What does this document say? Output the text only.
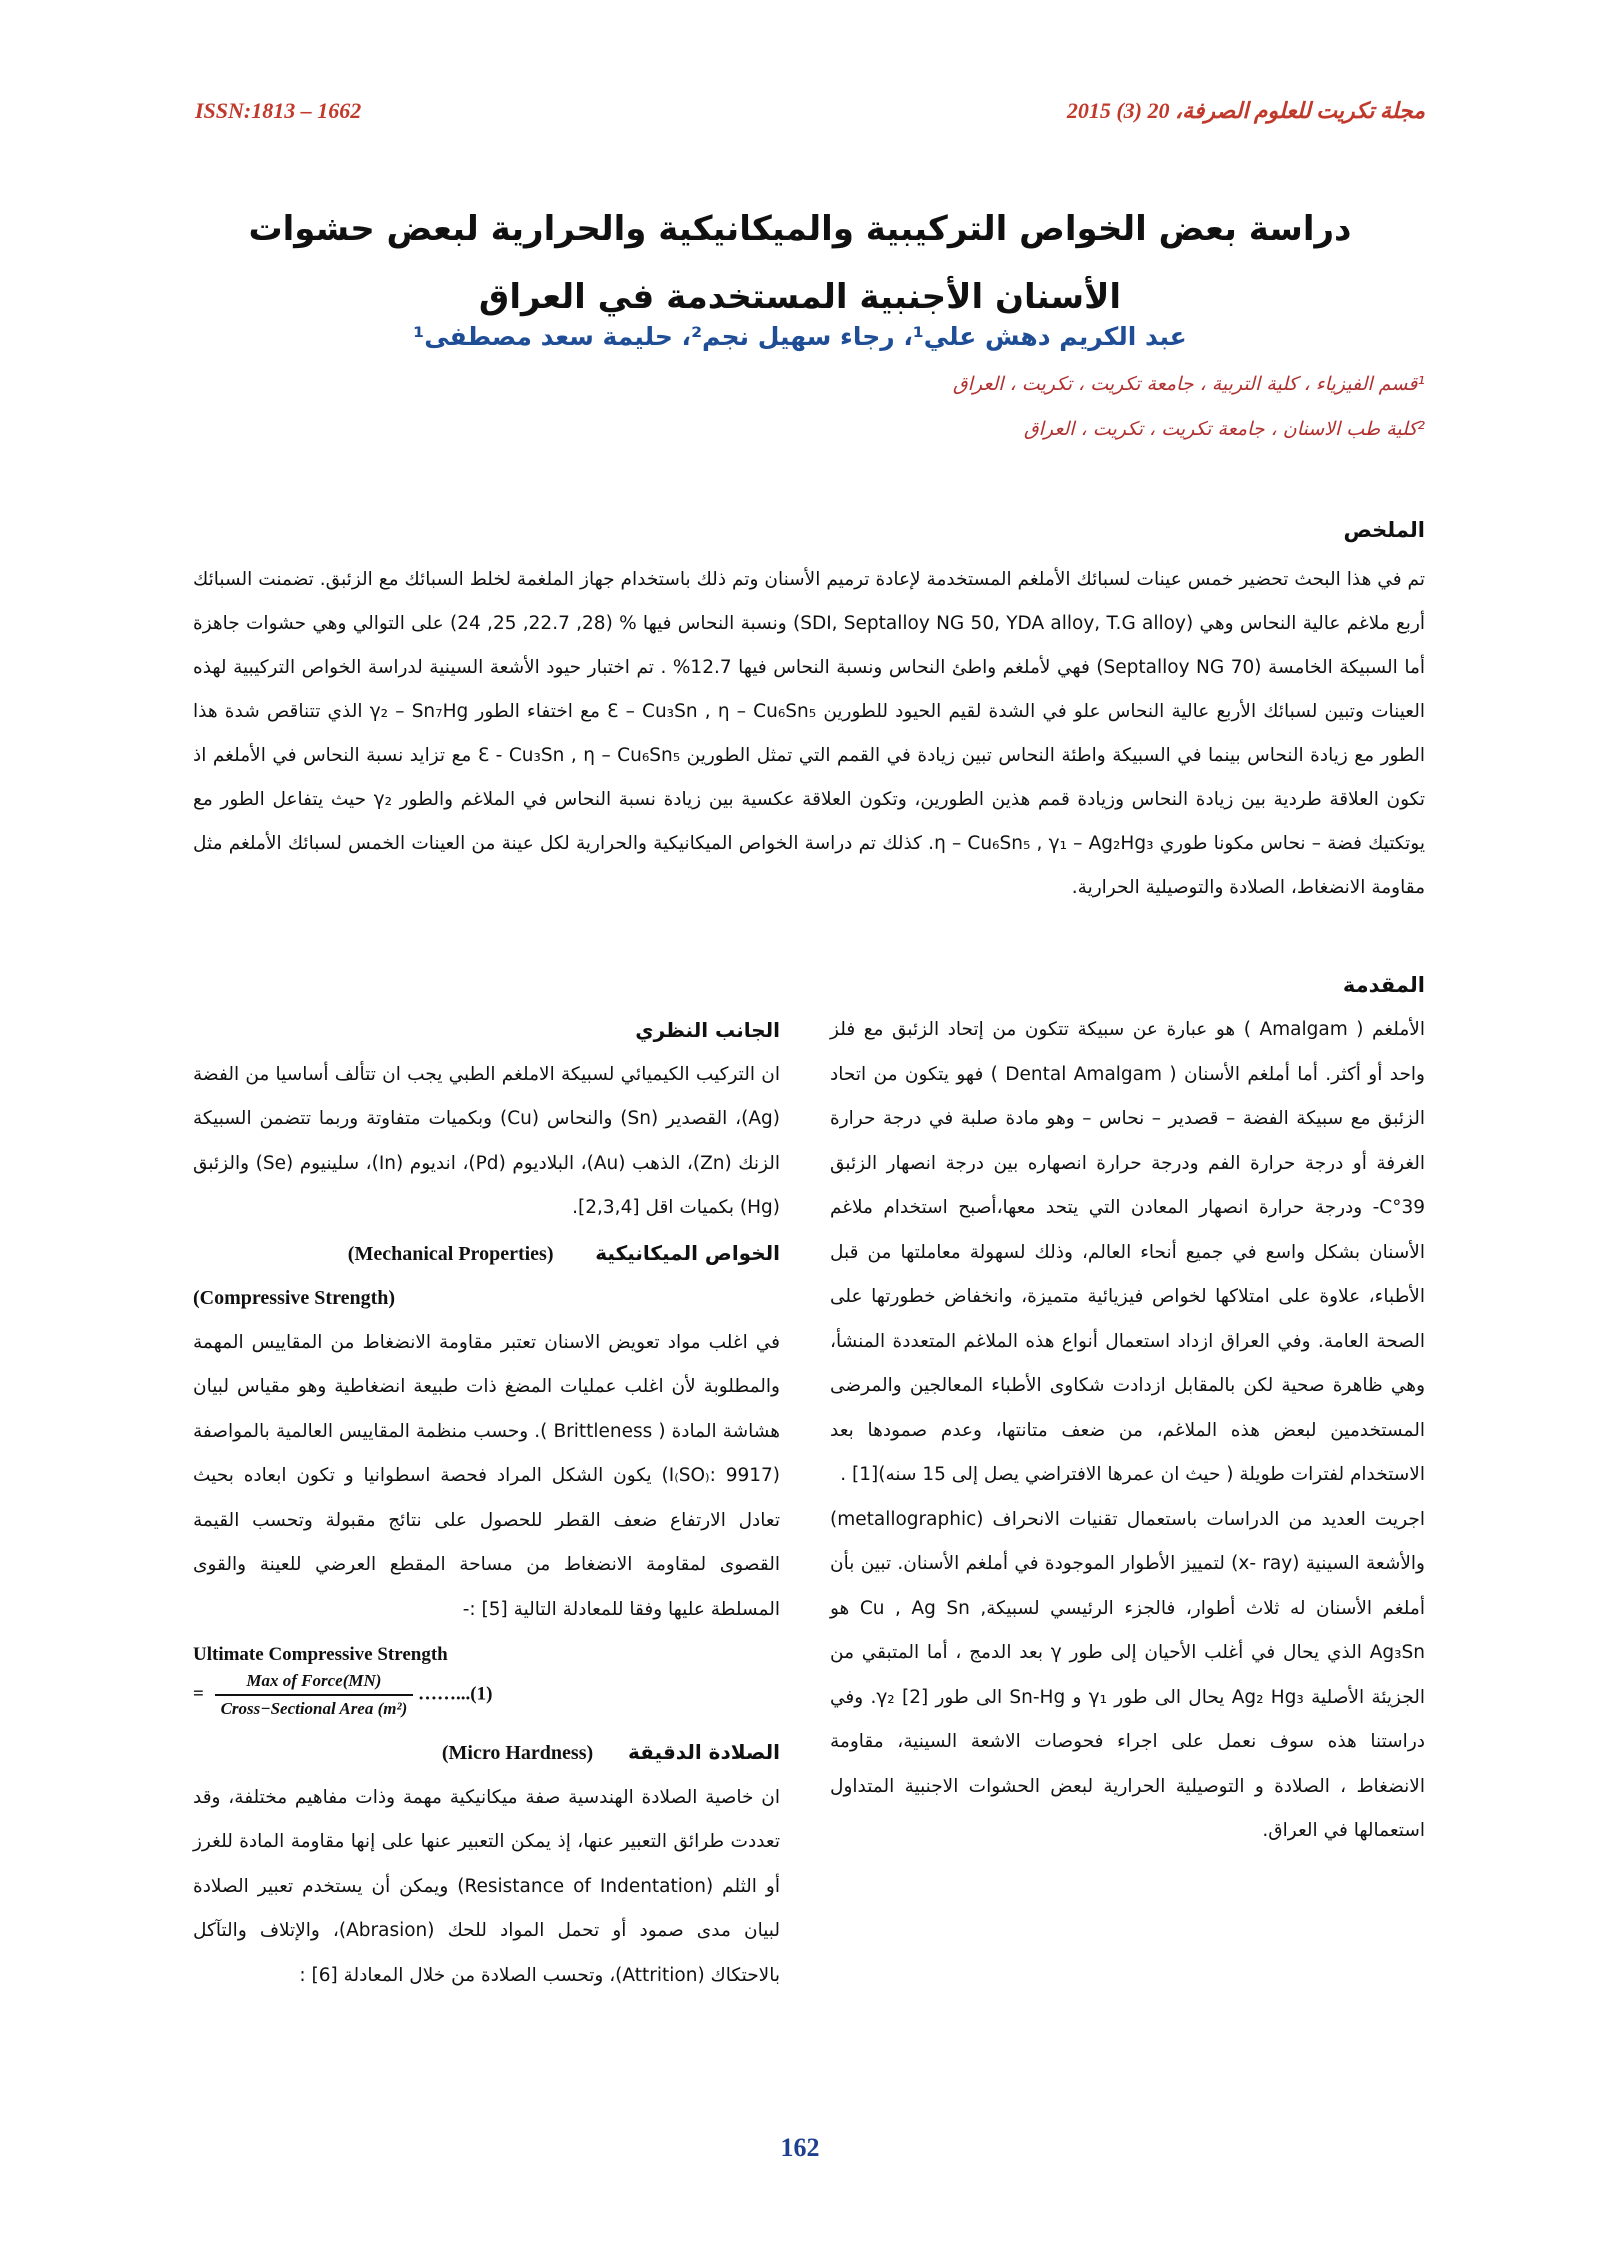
ISSN:1813 – 1662	مجلة تكريت للعلوم الصرفة، 20 (3) 2015
دراسة بعض الخواص التركيبية والميكانيكية والحرارية لبعض حشوات الأسنان الأجنبية المستخدمة في العراق
عبد الكريم دهش علي¹، رجاء سهيل نجم²، حليمة سعد مصطفى¹
¹قسم الفيزياء ، كلية التربية ، جامعة تكريت ، تكريت ، العراق
²كلية طب الاسنان ، جامعة تكريت ، تكريت ، العراق
الملخص
تم في هذا البحث تحضير خمس عينات لسبائك الأملغم المستخدمة لإعادة ترميم الأسنان وتم ذلك باستخدام جهاز الملغمة لخلط السبائك مع الزئبق. تضمنت السبائك أربع ملاغم عالية النحاس وهي (SDI, Septalloy NG 50, YDA alloy, T.G alloy) ونسبة النحاس فيها % (28, 22.7, 25, 24) على التوالي وهي حشوات جاهزة أما السبيكة الخامسة (Septalloy NG 70) فهي لأملغم واطئ النحاس ونسبة النحاس فيها 12.7% . تم اختبار حيود الأشعة السينية لدراسة الخواص التركيبية لهذه العينات وتبين لسبائك الأربع عالية النحاس علو في الشدة لقيم الحيود للطورين Ɛ – Cu₃Sn , η – Cu₆Sn₅ مع اختفاء الطور γ₂ – Sn₇Hg الذي تتناقص شدة هذا الطور مع زيادة النحاس بينما في السبيكة واطئة النحاس تبين زيادة في القمم التي تمثل الطورين Ɛ - Cu₃Sn , η – Cu₆Sn₅ مع تزايد نسبة النحاس في الأملغم اذ تكون العلاقة طردية بين زيادة النحاس وزيادة قمم هذين الطورين، وتكون العلاقة عكسية بين زيادة نسبة النحاس في الملاغم والطور γ₂ حيث يتفاعل الطور مع يوتكتيك فضة – نحاس مكونا طوري η – Cu₆Sn₅ , γ₁ – Ag₂Hg₃. كذلك تم دراسة الخواص الميكانيكية والحرارية لكل عينة من العينات الخمس لسبائك الأملغم مثل مقاومة الانضغاط، الصلادة والتوصيلية الحرارية.
المقدمة

الأملغم ( Amalgam ) هو عبارة عن سبيكة تتكون من إتحاد الزئبق مع فلز واحد أو أكثر. أما أملغم الأسنان ( Dental Amalgam ) فهو يتكون من اتحاد الزئبق مع سبيكة الفضة – قصدير – نحاس – وهو مادة صلبة في درجة حرارة الغرفة أو درجة حرارة الفم ودرجة حرارة انصهاره بين درجة انصهار الزئبق 39°C- ودرجة حرارة انصهار المعادن التي يتحد معها،أصبح استخدام ملاغم الأسنان بشكل واسع في جميع أنحاء العالم، وذلك لسهولة معاملتها من قبل الأطباء، علاوة على امتلاكها لخواص فيزيائية متميزة، وانخفاض خطورتها على الصحة العامة. وفي العراق ازداد استعمال أنواع هذه الملاغم المتعددة المنشأ، وهي ظاهرة صحية لكن بالمقابل ازدادت شكاوى الأطباء المعالجين والمرضى المستخدمين لبعض هذه الملاغم، من ضعف متانتها، وعدم صمودها بعد الاستخدام لفترات طويلة ( حيث ان عمرها الافتراضي يصل إلى 15 سنه)[1] .

اجريت العديد من الدراسات باستعمال تقنيات الانحراف (metallographic) والأشعة السينية (x- ray) لتمييز الأطوار الموجودة في أملغم الأسنان. تبين بأن أملغم الأسنان له ثلاث أطوار، فالجزء الرئيسي لسبيكة, Cu , Ag Sn هو Ag₃Sn الذي يحال في أغلب الأحيان إلى طور γ بعد الدمج ، أما المتبقي من الجزيئة الأصلية Ag₂ Hg₃ يحال الى طور γ₁ و Sn-Hg الى طور γ₂ [2]. وفي دراستنا هذه سوف نعمل على اجراء فحوصات الاشعة السينية، مقاومة الانضغاط ، الصلادة و التوصيلية الحرارية لبعض الحشوات الاجنبية المتداول استعمالها في العراق.

الجانب النظري

ان التركيب الكيميائي لسبيكة الاملغم الطبي يجب ان تتألف أساسيا من الفضة (Ag)، القصدير (Sn) والنحاس (Cu) وبكميات متفاوتة وربما تتضمن السبيكة الزنك (Zn)، الذهب (Au)، البلاديوم (Pd)، انديوم (In)، سلينيوم (Se) والزئبق (Hg) بكميات اقل [2,3,4].

الخواص الميكانيكية      (Mechanical Properties)

(Compressive Strength)

في اغلب مواد تعويض الاسنان تعتبر مقاومة الانضغاط من المقاييس المهمة والمطلوبة لأن اغلب عمليات المضغ ذات طبيعة انضغاطية وهو مقياس لبيان هشاشة المادة ( Brittleness ). وحسب منظمة المقاييس العالمية بالمواصفة (I₍SO₎: 9917) يكون الشكل المراد فحصة اسطوانيا و تكون ابعاده بحيث تعادل الارتفاع ضعف القطر للحصول على نتائج مقبولة وتحسب القيمة القصوى لمقاومة الانضغاط من مساحة المقطع العرضي للعينة والقوى المسلطة عليها وفقا للمعادلة التالية [5] :-

Ultimate Compressive Strength
= $\frac{\text{Max of Force(MN)}}{\text{Cross−Sectional Area (m²)}}$ ……...(1)

الصلادة الدقيقة     (Micro Hardness)

ان خاصية الصلادة الهندسية صفة ميكانيكية مهمة وذات مفاهيم مختلفة، وقد تعددت طرائق التعبير عنها، إذ يمكن التعبير عنها على إنها مقاومة المادة للغرز أو الثلم (Resistance of Indentation) ويمكن أن يستخدم تعبير الصلادة لبيان مدى صمود أو تحمل المواد للحك (Abrasion)، والإتلاف والتآكل بالاحتكاك (Attrition)، وتحسب الصلادة من خلال المعادلة [6] :

162
